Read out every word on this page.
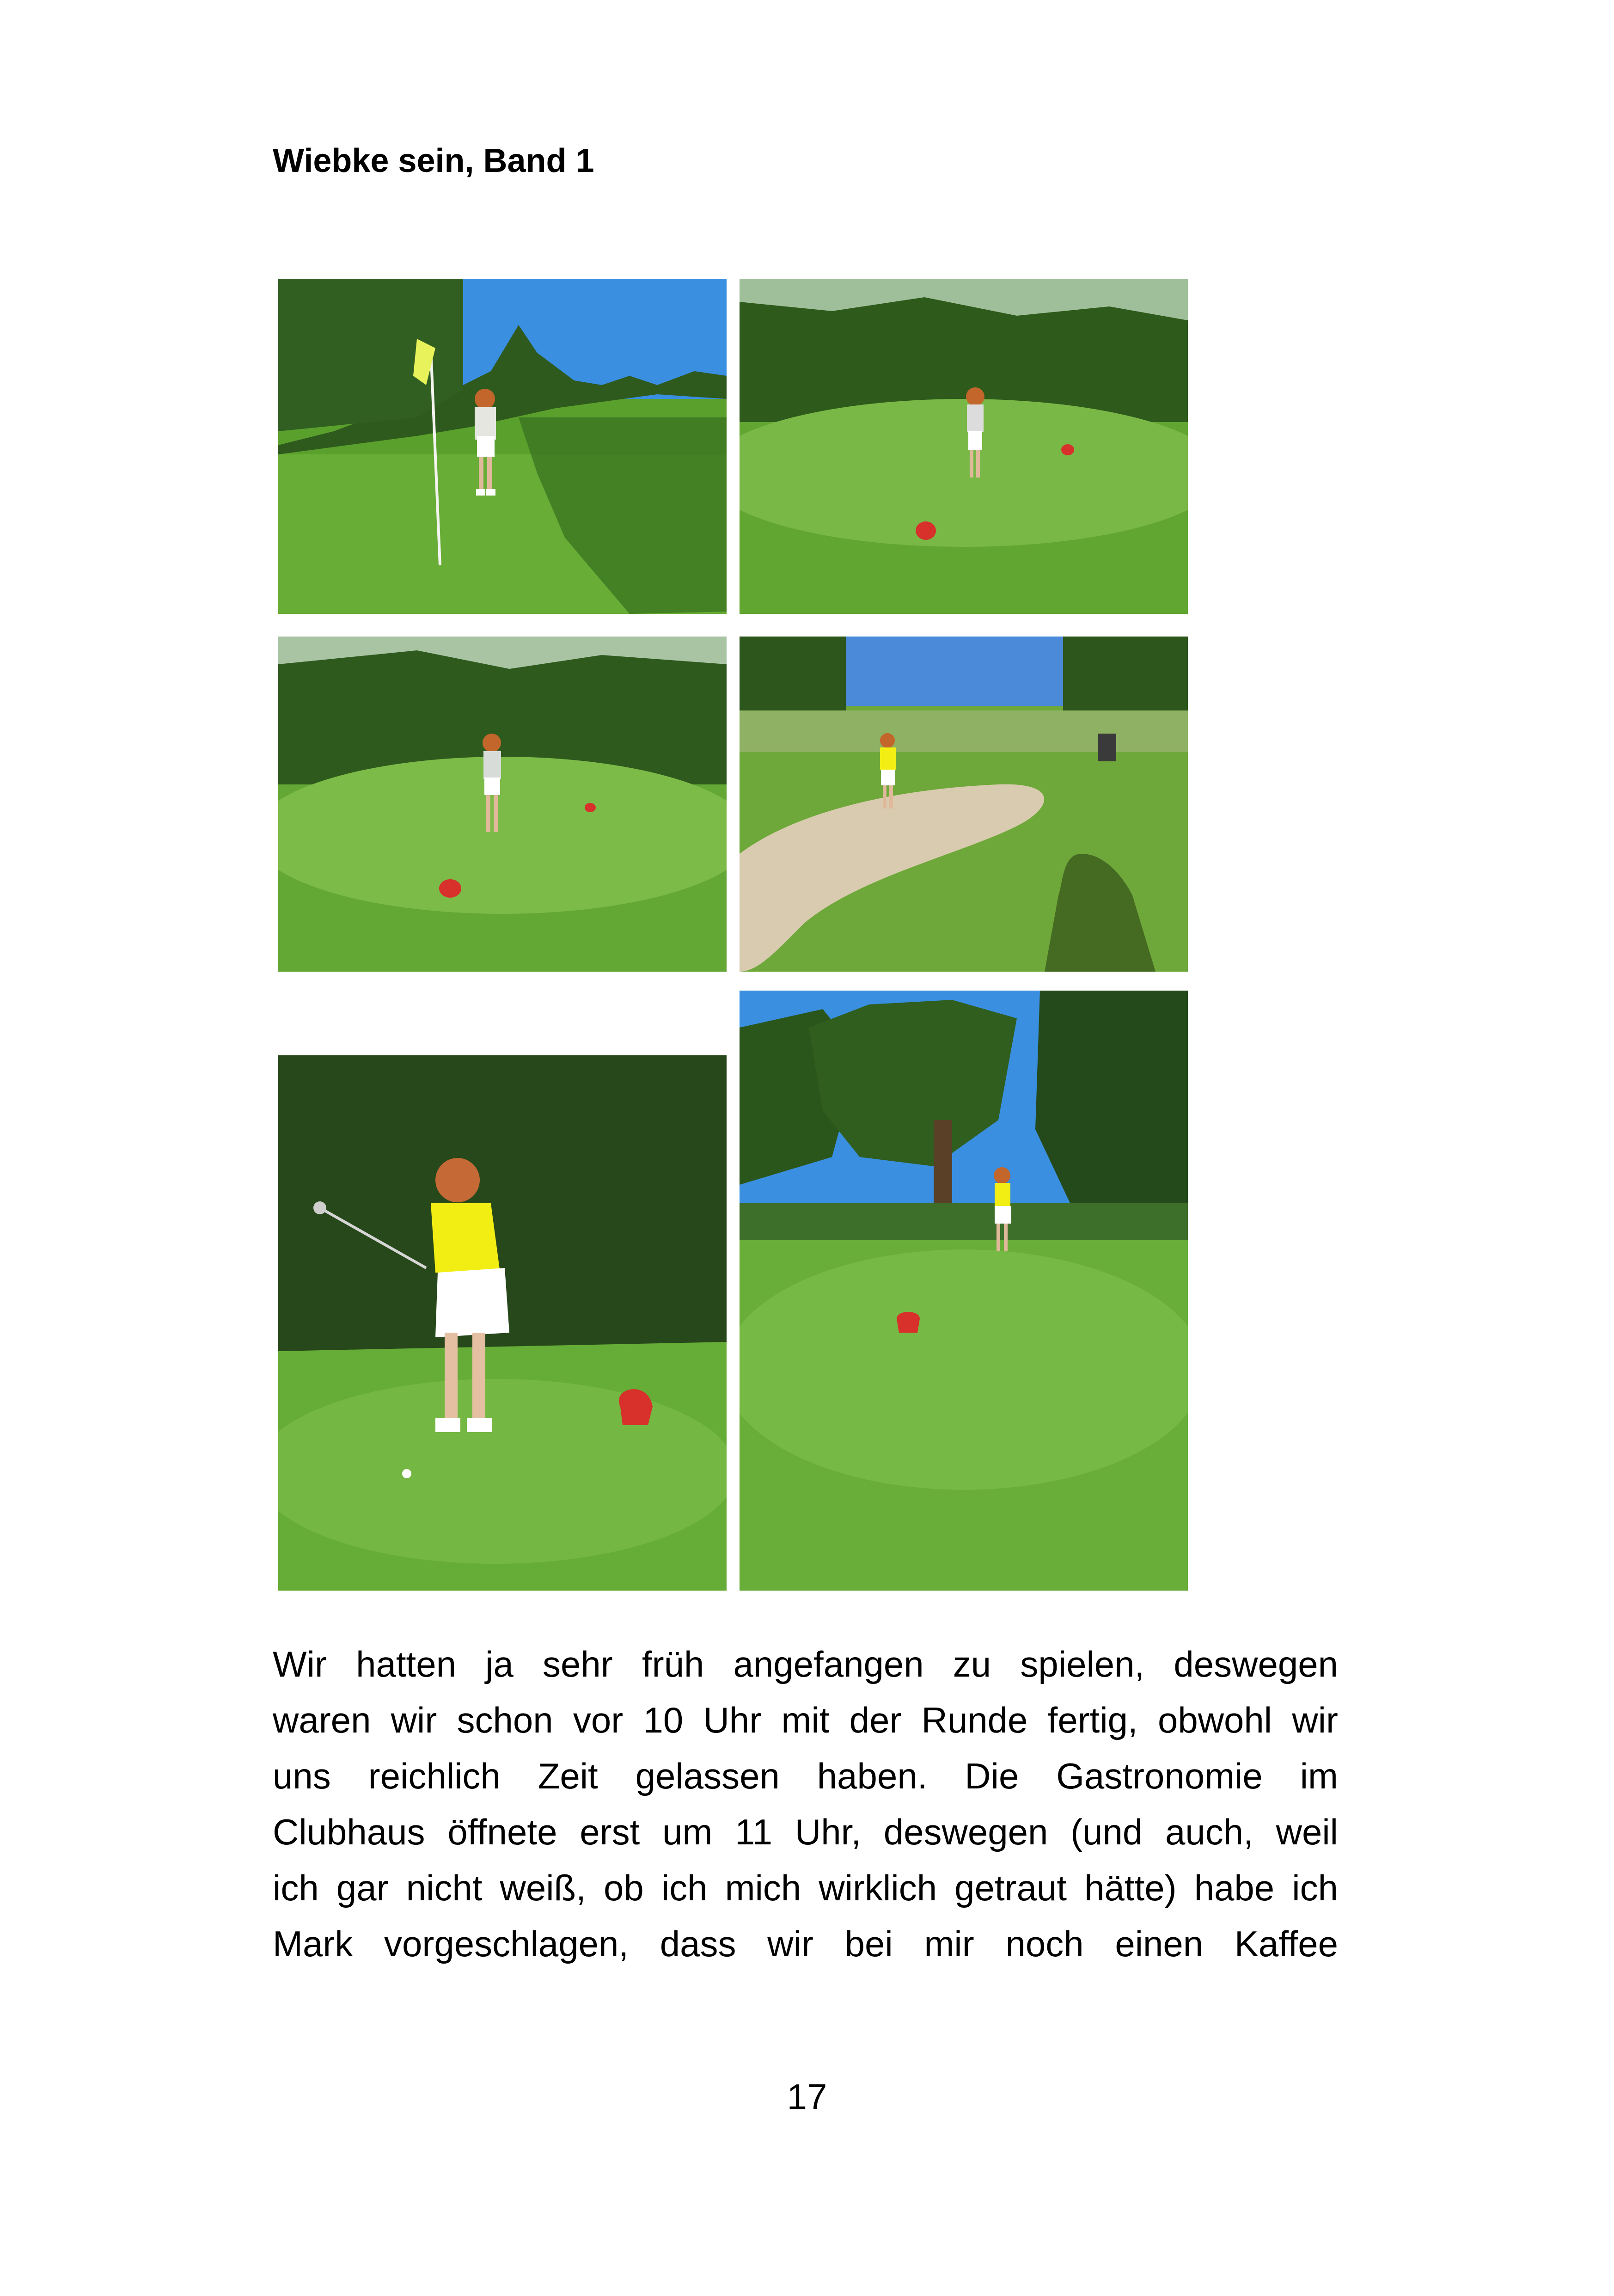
Wiebke sein, Band 1
Wir hatten ja sehr früh angefangen zu spielen, deswegen
waren wir schon vor 10 Uhr mit der Runde fertig, obwohl wir
uns reichlich Zeit gelassen haben. Die Gastronomie im
Clubhaus öffnete erst um 11 Uhr, deswegen (und auch, weil
ich gar nicht weiß, ob ich mich wirklich getraut hätte) habe ich
Mark vorgeschlagen, dass wir bei mir noch einen Kaffee
17
